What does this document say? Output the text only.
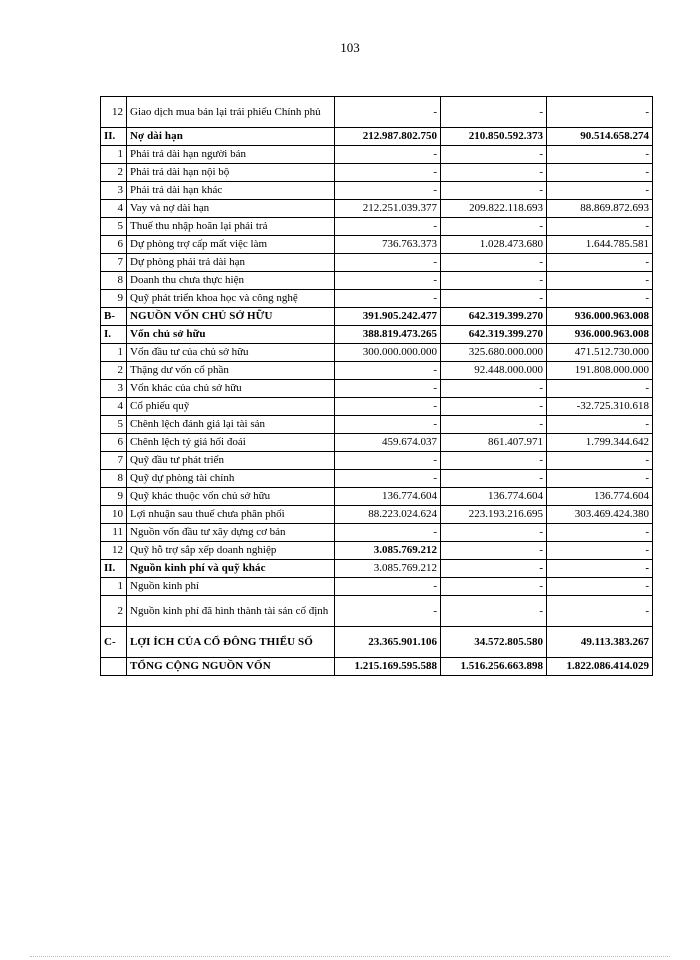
103
12	Giao dịch mua bán lại trái phiếu Chính phủ	-	-	-
II.	Nợ dài hạn	212.987.802.750	210.850.592.373	90.514.658.274
1	Phải trả dài hạn người bán	-	-	-
2	Phải trả dài hạn nội bộ	-	-	-
3	Phải trả dài hạn khác	-	-	-
4	Vay và nợ dài hạn	212.251.039.377	209.822.118.693	88.869.872.693
5	Thuế thu nhập hoãn lại phải trả	-	-	-
6	Dự phòng trợ cấp mất việc làm	736.763.373	1.028.473.680	1.644.785.581
7	Dự phòng phải trả dài hạn	-	-	-
8	Doanh thu chưa thực hiện	-	-	-
9	Quỹ phát triển khoa học và công nghệ	-	-	-
B-	NGUỒN VỐN CHỦ SỞ HỮU	391.905.242.477	642.319.399.270	936.000.963.008
I.	Vốn chủ sở hữu	388.819.473.265	642.319.399.270	936.000.963.008
1	Vốn đầu tư của chủ sở hữu	300.000.000.000	325.680.000.000	471.512.730.000
2	Thặng dư vốn cổ phần	-	92.448.000.000	191.808.000.000
3	Vốn khác của chủ sở hữu	-	-	-
4	Cổ phiếu quỹ	-	-	-32.725.310.618
5	Chênh lệch đánh giá lại tài sản	-	-	-
6	Chênh lệch tỷ giá hối đoái	459.674.037	861.407.971	1.799.344.642
7	Quỹ đầu tư phát triển	-	-	-
8	Quỹ dự phòng tài chính	-	-	-
9	Quỹ khác thuộc vốn chủ sở hữu	136.774.604	136.774.604	136.774.604
10	Lợi nhuận sau thuế chưa phân phối	88.223.024.624	223.193.216.695	303.469.424.380
11	Nguồn vốn đầu tư xây dựng cơ bản	-	-	-
12	Quỹ hỗ trợ sắp xếp doanh nghiệp	3.085.769.212	-	-
II.	Nguồn kinh phí và quỹ khác	3.085.769.212	-	-
1	Nguồn kinh phí	-	-	-
2	Nguồn kinh phí đã hình thành tài sản cố định	-	-	-
C-	LỢI ÍCH CỦA CỔ ĐÔNG THIỂU SỐ	23.365.901.106	34.572.805.580	49.113.383.267
	TỔNG CỘNG NGUỒN VỐN	1.215.169.595.588	1.516.256.663.898	1.822.086.414.029
